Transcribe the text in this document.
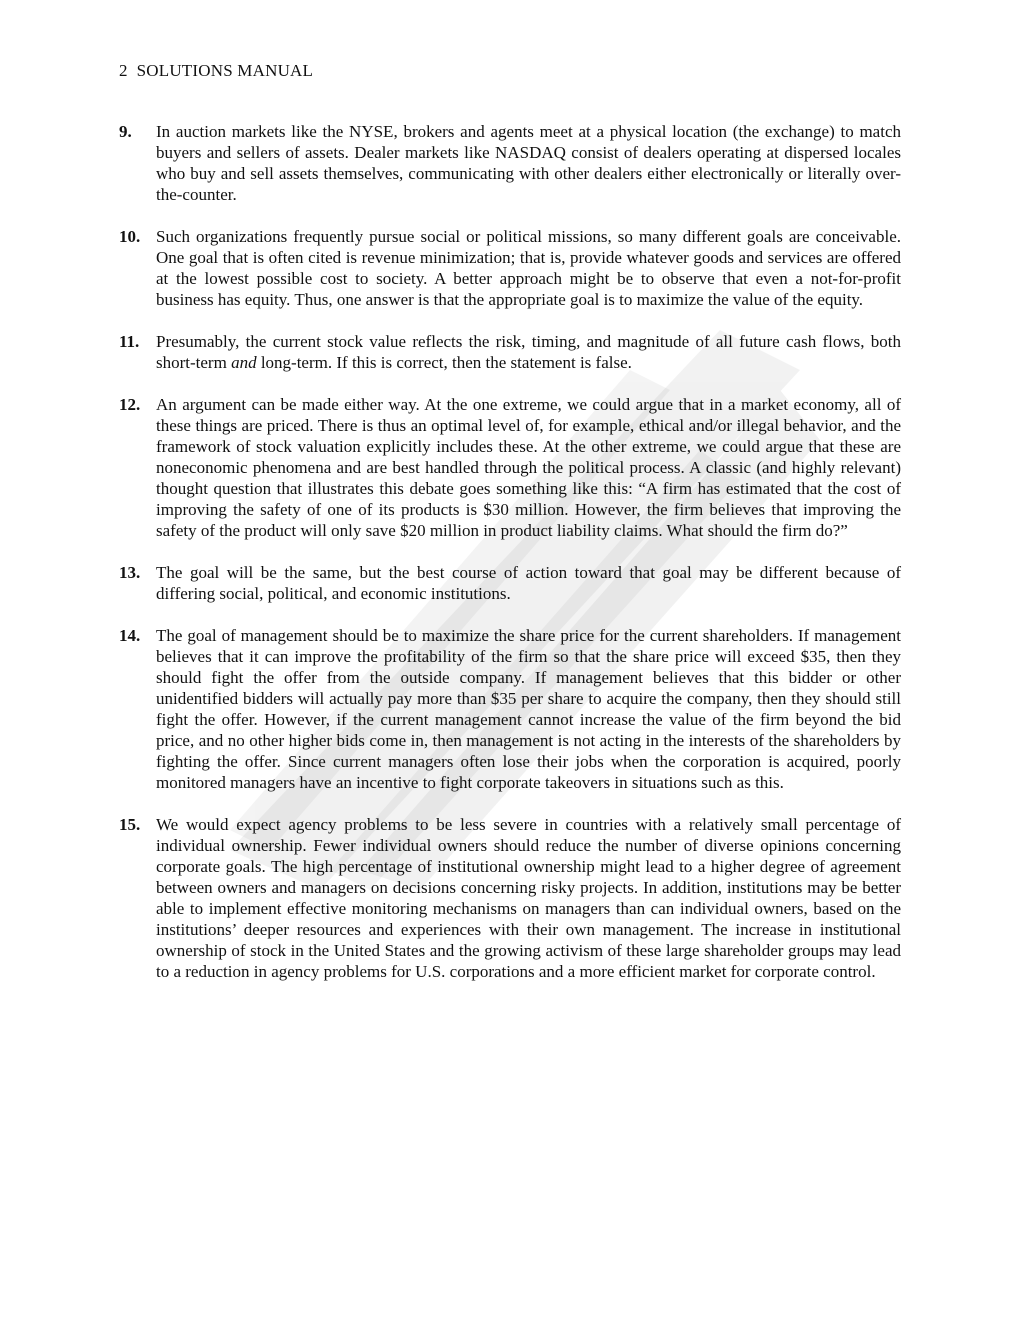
2 SOLUTIONS MANUAL
9. In auction markets like the NYSE, brokers and agents meet at a physical location (the exchange) to match buyers and sellers of assets. Dealer markets like NASDAQ consist of dealers operating at dispersed locales who buy and sell assets themselves, communicating with other dealers either electronically or literally over-the-counter.
10. Such organizations frequently pursue social or political missions, so many different goals are conceivable. One goal that is often cited is revenue minimization; that is, provide whatever goods and services are offered at the lowest possible cost to society. A better approach might be to observe that even a not-for-profit business has equity. Thus, one answer is that the appropriate goal is to maximize the value of the equity.
11. Presumably, the current stock value reflects the risk, timing, and magnitude of all future cash flows, both short-term and long-term. If this is correct, then the statement is false.
12. An argument can be made either way. At the one extreme, we could argue that in a market economy, all of these things are priced. There is thus an optimal level of, for example, ethical and/or illegal behavior, and the framework of stock valuation explicitly includes these. At the other extreme, we could argue that these are noneconomic phenomena and are best handled through the political process. A classic (and highly relevant) thought question that illustrates this debate goes something like this: “A firm has estimated that the cost of improving the safety of one of its products is $30 million. However, the firm believes that improving the safety of the product will only save $20 million in product liability claims. What should the firm do?”
13. The goal will be the same, but the best course of action toward that goal may be different because of differing social, political, and economic institutions.
14. The goal of management should be to maximize the share price for the current shareholders. If management believes that it can improve the profitability of the firm so that the share price will exceed $35, then they should fight the offer from the outside company. If management believes that this bidder or other unidentified bidders will actually pay more than $35 per share to acquire the company, then they should still fight the offer. However, if the current management cannot increase the value of the firm beyond the bid price, and no other higher bids come in, then management is not acting in the interests of the shareholders by fighting the offer. Since current managers often lose their jobs when the corporation is acquired, poorly monitored managers have an incentive to fight corporate takeovers in situations such as this.
15. We would expect agency problems to be less severe in countries with a relatively small percentage of individual ownership. Fewer individual owners should reduce the number of diverse opinions concerning corporate goals. The high percentage of institutional ownership might lead to a higher degree of agreement between owners and managers on decisions concerning risky projects. In addition, institutions may be better able to implement effective monitoring mechanisms on managers than can individual owners, based on the institutions’ deeper resources and experiences with their own management. The increase in institutional ownership of stock in the United States and the growing activism of these large shareholder groups may lead to a reduction in agency problems for U.S. corporations and a more efficient market for corporate control.
